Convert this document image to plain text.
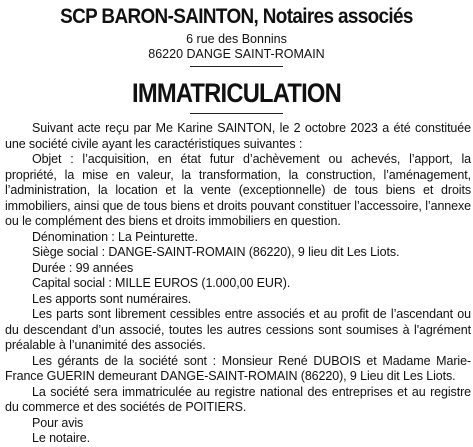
SCP BARON-SAINTON, Notaires associés
6 rue des Bonnins
86220 DANGE SAINT-ROMAIN
IMMATRICULATION

Suivant acte reçu par Me Karine SAINTON, le 2 octobre 2023 a été constituée une société civile ayant les caractéristiques suivantes :

Objet : l’acquisition, en état futur d’achèvement ou achevés, l’apport, la propriété, la mise en valeur, la transformation, la construction, l’aménagement, l’administration, la location et la vente (exceptionnelle) de tous biens et droits immobiliers, ainsi que de tous biens et droits pouvant constituer l’accessoire, l’annexe ou le complément des biens et droits immobiliers en question.

Dénomination : La Peinturette.

Siège social : DANGE-SAINT-ROMAIN (86220), 9 lieu dit Les Liots.

Durée : 99 années

Capital social : MILLE EUROS (1.000,00 EUR).

Les apports sont numéraires.

Les parts sont librement cessibles entre associés et au profit de l’ascendant ou du descendant d’un associé, toutes les autres cessions sont soumises à l'agrément préalable à l’unanimité des associés.

Les gérants de la société sont : Monsieur René DUBOIS et Madame Marie-France GUERIN demeurant DANGE-SAINT-ROMAIN (86220), 9 Lieu dit Les Liots.

La société sera immatriculée au registre national des entreprises et au registre du commerce et des sociétés de POITIERS.

Pour avis

Le notaire.
